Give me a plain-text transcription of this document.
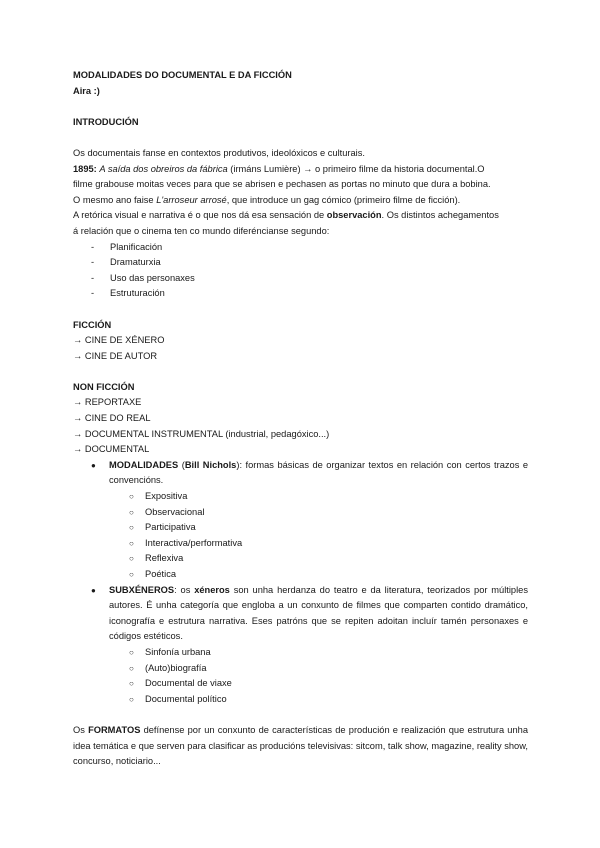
MODALIDADES DO DOCUMENTAL E DA FICCIÓN
Aira :)
INTRODUCIÓN
Os documentais fanse en contextos produtivos, ideolóxicos e culturais.
1895: A saída dos obreiros da fábrica (irmáns Lumière) → o primeiro filme da historia documental.O
filme grabouse moitas veces para que se abrisen e pechasen as portas no minuto que dura a bobina.
O mesmo ano faise L'arroseur arrosé, que introduce un gag cómico (primeiro filme de ficción).
A retórica visual e narrativa é o que nos dá esa sensación de observación. Os distintos achegamentos
á relación que o cinema ten co mundo diferéncianse segundo:
- Planificación
- Dramaturxia
- Uso das personaxes
- Estruturación
FICCIÓN
→ CINE DE XÉNERO
→ CINE DE AUTOR
NON FICCIÓN
→ REPORTAXE
→ CINE DO REAL
→ DOCUMENTAL INSTRUMENTAL (industrial, pedagóxico...)
→ DOCUMENTAL
● MODALIDADES (Bill Nichols): formas básicas de organizar textos en relación con certos trazos e convencións.
○ Expositiva
○ Observacional
○ Participativa
○ Interactiva/performativa
○ Reflexiva
○ Poética
● SUBXÉNEROS: os xéneros son unha herdanza do teatro e da literatura, teorizados por múltiples autores. É unha categoría que engloba a un conxunto de filmes que comparten contido dramático, iconografía e estrutura narrativa. Eses patróns que se repiten adoitan incluír tamén personaxes e códigos estéticos.
○ Sinfonía urbana
○ (Auto)biografía
○ Documental de viaxe
○ Documental político
Os FORMATOS defínense por un conxunto de características de produción e realización que estrutura unha idea temática e que serven para clasificar as producións televisivas: sitcom, talk show, magazine, reality show, concurso, noticiario...
